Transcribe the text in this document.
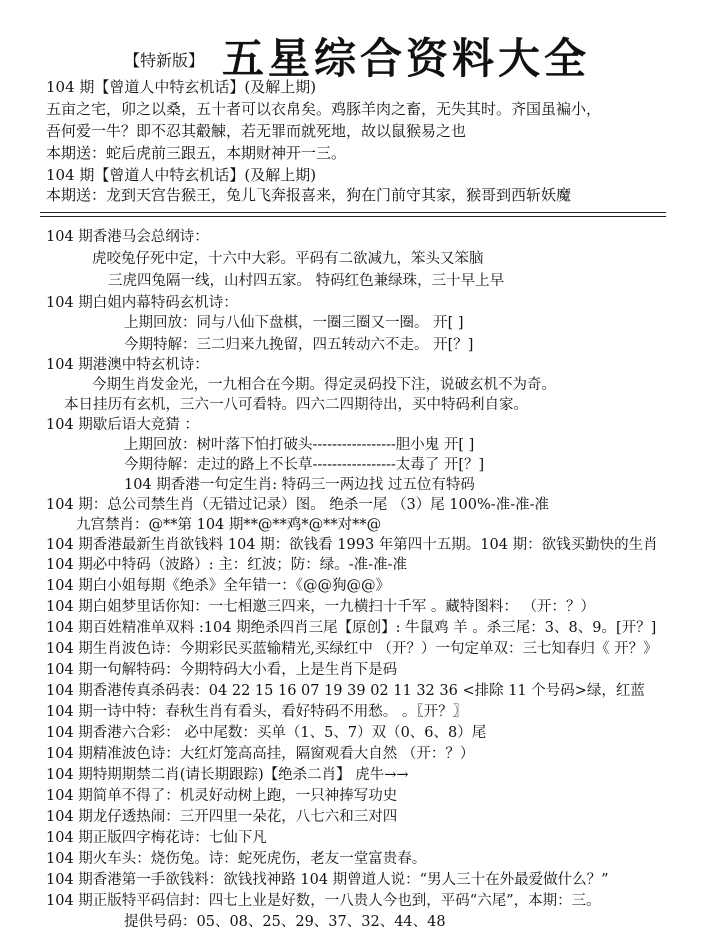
【特新版】 五星综合资料大全
104 期【曾道人中特玄机话】(及解上期)
五亩之宅，卯之以桑，五十者可以衣帛矣。鸡豚羊肉之畜，无失其时。齐国虽褊小，
吾何爱一牛？即不忍其觳觫，若无罪而就死地，故以鼠猴易之也
本期送：蛇后虎前三跟五，本期财神开一三。
104 期【曾道人中特玄机话】(及解上期)
本期送：龙到天宫告猴王，兔儿飞奔报喜来，狗在门前守其家，猴哥到西斩妖魔
104 期香港马会总纲诗：
虎咬兔仔死中定，十六中大彩。平码有二欲减九，笨头又笨脑
三虎四兔隔一线，山村四五家。 特码红色兼绿珠，三十早上早
104 期白姐内幕特码玄机诗：
上期回放：同与八仙下盘棋，一圈三圈又一圈。 开[ ]
今期特解：三二归来九挽留，四五转动六不走。 开[？]
104 期港澳中特玄机诗：
今期生肖发金光，一九相合在今期。得定灵码投下注，说破玄机不为奇。
本日挂历有玄机，三六一八可看特。四六二四期待出，买中特码利自家。
104 期歇后语大竞猜 ：
上期回放：树叶落下怕打破头-----------------胆小鬼 开[ ]
今期待解：走过的路上不长草-----------------太毒了 开[？]
104 期香港一句定生肖: 特码三一两边找 过五位有特码
104 期：总公司禁生肖（无错过记录）图。 绝杀一尾 （3）尾 100%-准-准-准
九宫禁肖：@**第 104 期**@**鸡*@**对**@
104 期香港最新生肖欲钱料 104 期：欲钱看 1993 年第四十五期。104 期：欲钱买勤快的生肖
104 期必中特码（波路）: 主：红波；防：绿。-准-准-准
104 期白小姐每期《绝杀》全年错一：《@@狗@@》
104 期白姐梦里话你知：一七相邀三四来，一九横扫十千军 。藏特图料： （开：？）
104 期百姓精准单双料 :104 期绝杀四肖三尾【原创】: 牛鼠鸡 羊 。杀三尾：3、8、9。[开？]
104 期生肖波色诗：今期彩民买蓝输精光,买绿红中 （开？）一句定单双：三七知春归《 开？》
104 期一句解特码：今期特码大小看，上是生肖下是码
104 期香港传真杀码表：04 22 15 16 07 19 39 02 11 32 36 <排除 11 个号码>绿，红蓝
104 期一诗中特：春秋生肖有看头，看好特码不用愁。 。〖开？〗
104 期香港六合彩： 必中尾数：买单（1、5、7）双（0、6、8）尾
104 期精准波色诗：大红灯笼高高挂，隔窗观看大自然 （开：？）
104 期特期期禁二肖(请长期跟踪)【绝杀二肖】 虎牛→→
104 期简单不得了：机灵好动树上跑，一只神捧写功史
104 期龙仔透热闹：三开四里一朵花，八七六和三对四
104 期正版四字梅花诗：七仙下凡
104 期火车头：烧伤兔。诗：蛇死虎伤，老友一堂富贵春。
104 期香港第一手欲钱料：欲钱找神路 104 期曾道人说：“男人三十在外最爱做什么？”
104 期正版特平码信封：四七上业是好数，一八贵人今也到，平码“六尾”，本期：三。
提供号码：05、08、25、29、37、32、44、48
